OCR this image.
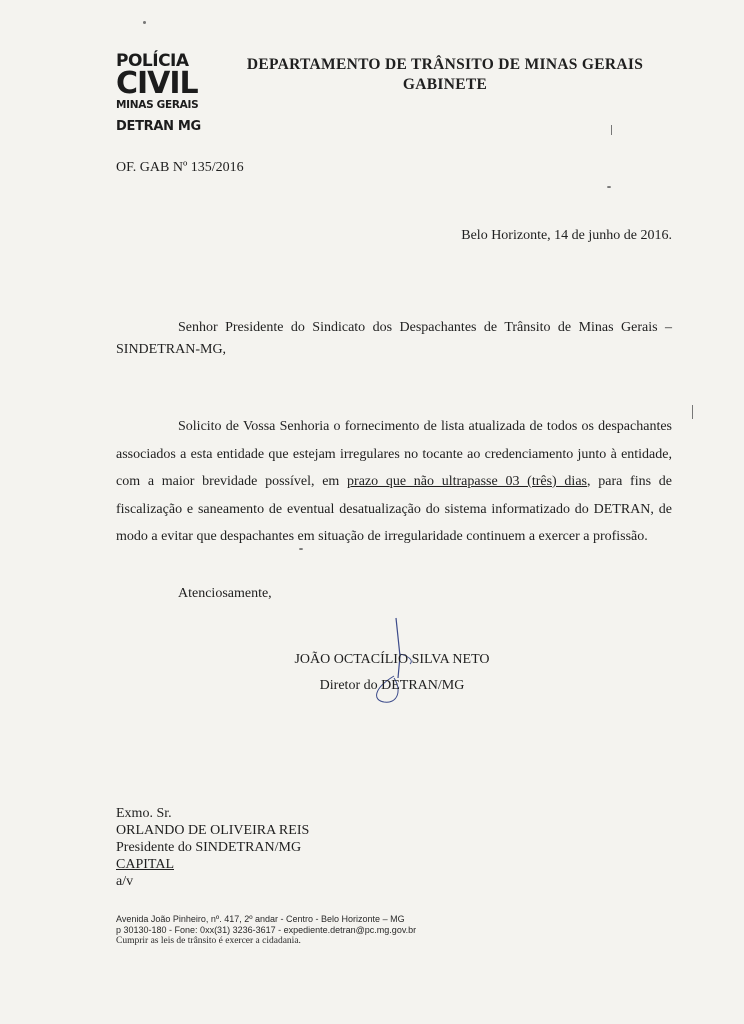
POLÍCIA
CIVIL
MINAS GERAIS
DETRAN MG
DEPARTAMENTO DE TRÂNSITO DE MINAS GERAIS
GABINETE
OF. GAB Nº 135/2016
Belo Horizonte, 14 de junho de 2016.
Senhor Presidente do Sindicato dos Despachantes de Trânsito de Minas Gerais – SINDETRAN-MG,
Solicito de Vossa Senhoria o fornecimento de lista atualizada de todos os despachantes associados a esta entidade que estejam irregulares no tocante ao credenciamento junto à entidade, com a maior brevidade possível, em prazo que não ultrapasse 03 (três) dias, para fins de fiscalização e saneamento de eventual desatualização do sistema informatizado do DETRAN, de modo a evitar que despachantes em situação de irregularidade continuem a exercer a profissão.
Atenciosamente,
JOÃO OCTACÍLIO SILVA NETO
Diretor do DETRAN/MG
Exmo. Sr.
ORLANDO DE OLIVEIRA REIS
Presidente do SINDETRAN/MG
CAPITAL
a/v
Avenida João Pinheiro, nº. 417, 2º andar - Centro - Belo Horizonte – MG
p 30130-180 - Fone: 0xx(31) 3236-3617 - expediente.detran@pc.mg.gov.br
Cumprir as leis de trânsito é exercer a cidadania.
